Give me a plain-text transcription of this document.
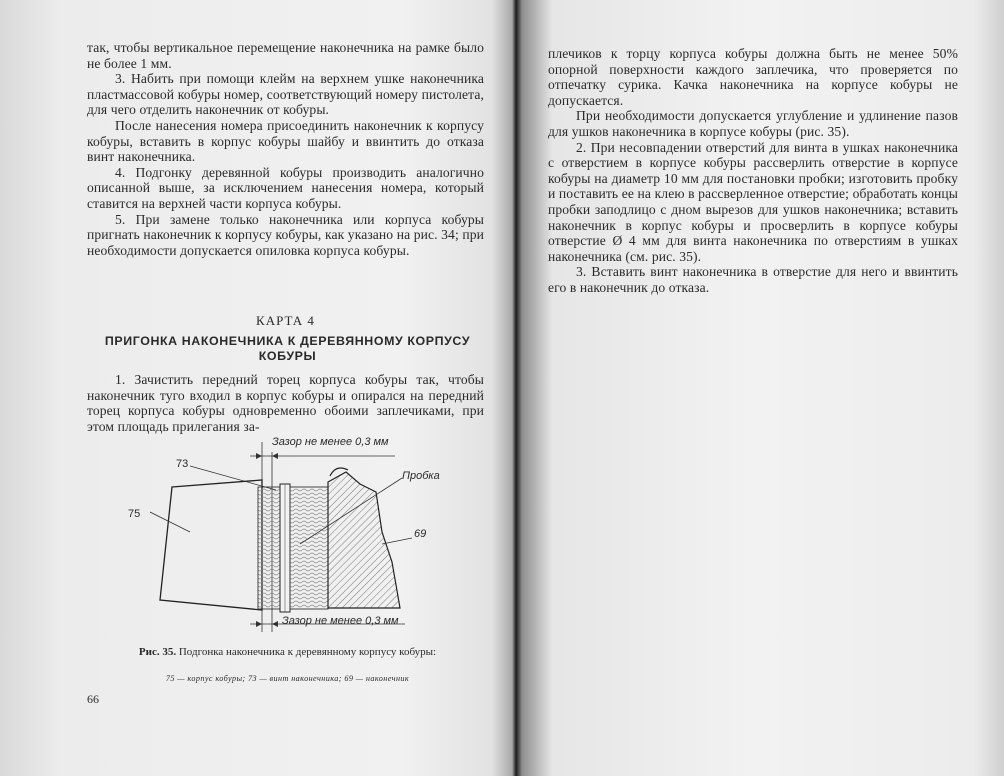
так, чтобы вертикальное перемещение наконечника на рамке было не более 1 мм.

3. Набить при помощи клейм на верхнем ушке наконечника пластмассовой кобуры номер, соответствующий номеру пистолета, для чего отделить наконечник от кобуры.

После нанесения номера присоединить наконечник к корпусу кобуры, вставить в корпус кобуры шайбу и ввинтить до отказа винт наконечника.

4. Подгонку деревянной кобуры производить аналогично описанной выше, за исключением нанесения номера, который ставится на верхней части корпуса кобуры.

5. При замене только наконечника или корпуса кобуры пригнать наконечник к корпусу кобуры, как указано на рис. 34; при необходимости допускается опиловка корпуса кобуры.

КАРТА 4
ПРИГОНКА НАКОНЕЧНИКА К ДЕРЕВЯННОМУ КОРПУСУ КОБУРЫ

1. Зачистить передний торец корпуса кобуры так, чтобы наконечник туго входил в корпус кобуры и опирался на передний торец корпуса кобуры одновременно обоими заплечиками, при этом площадь прилегания за-

Зазор не менее 0,3 мм
Зазор не менее 0,3 мм
73
75
69
Пробка
Рис. 35. Подгонка наконечника к деревянному корпусу кобуры:
75 — корпус кобуры; 73 — винт наконечника; 69 — наконечник
66

плечиков к торцу корпуса кобуры должна быть не менее 50% опорной поверхности каждого заплечика, что проверяется по отпечатку сурика. Качка наконечника на корпусе кобуры не допускается.

При необходимости допускается углубление и удлинение пазов для ушков наконечника в корпусе кобуры (рис. 35).

2. При несовпадении отверстий для винта в ушках наконечника с отверстием в корпусе кобуры рассверлить отверстие в корпусе кобуры на диаметр 10 мм для постановки пробки; изготовить пробку и поставить ее на клею в рассверленное отверстие; обработать концы пробки заподлицо с дном вырезов для ушков наконечника; вставить наконечник в корпус кобуры и просверлить в корпусе кобуры отверстие Ø 4 мм для винта наконечника по отверстиям в ушках наконечника (см. рис. 35).

3. Вставить винт наконечника в отверстие для него и ввинтить его в наконечник до отказа.
